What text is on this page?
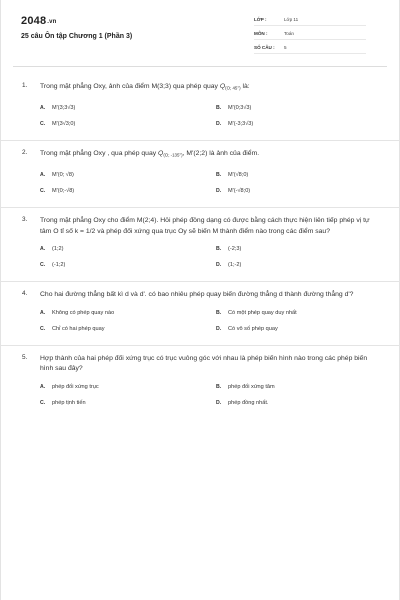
2048.vn
25 câu Ôn tập Chương 1 (Phần 3)
LỚP :	Lớp 11
MÔN :	Toán
SỐ CÂU :	5
1. Trong mặt phẳng Oxy, ảnh của điểm M(3;3) qua phép quay $Q_{(O; 45^\circ)}$ là:
A. M'(3;3√3)	B. M'(0;3√3)
C. M'(3√3;0)	D. M'(-3;3√3)
2. Trong mặt phẳng Oxy , qua phép quay $Q_{(O; -135^\circ)}$, M'(2;2) là ảnh của điểm.
A. M'(0; √8)	B. M'(√8;0)
C. M'(0;-√8)	D. M'(-√8;0)
3. Trong mặt phẳng Oxy cho điểm M(2;4). Hỏi phép đồng dạng có được bằng cách thực hiện liên tiếp phép vị tự tâm O tỉ số k = 1/2 và phép đối xứng qua trục Oy sẽ biến M thành điểm nào trong các điểm sau?
A. (1;2)	B. (-2;3)
C. (-1;2)	D. (1;-2)
4. Cho hai đường thẳng bất kì d và d'. có bao nhiêu phép quay biến đường thẳng d thành đường thẳng d'?
A. Không có phép quay nào	B. Có một phép quay duy nhất
C. Chỉ có hai phép quay	D. Có vô số phép quay
5. Hợp thành của hai phép đối xứng trục có trục vuông góc với nhau là phép biến hình nào trong các phép biến hình sau đây?
A. phép đối xứng trục	B. phép đối xứng tâm
C. phép tịnh tiến	D. phép đồng nhất.
